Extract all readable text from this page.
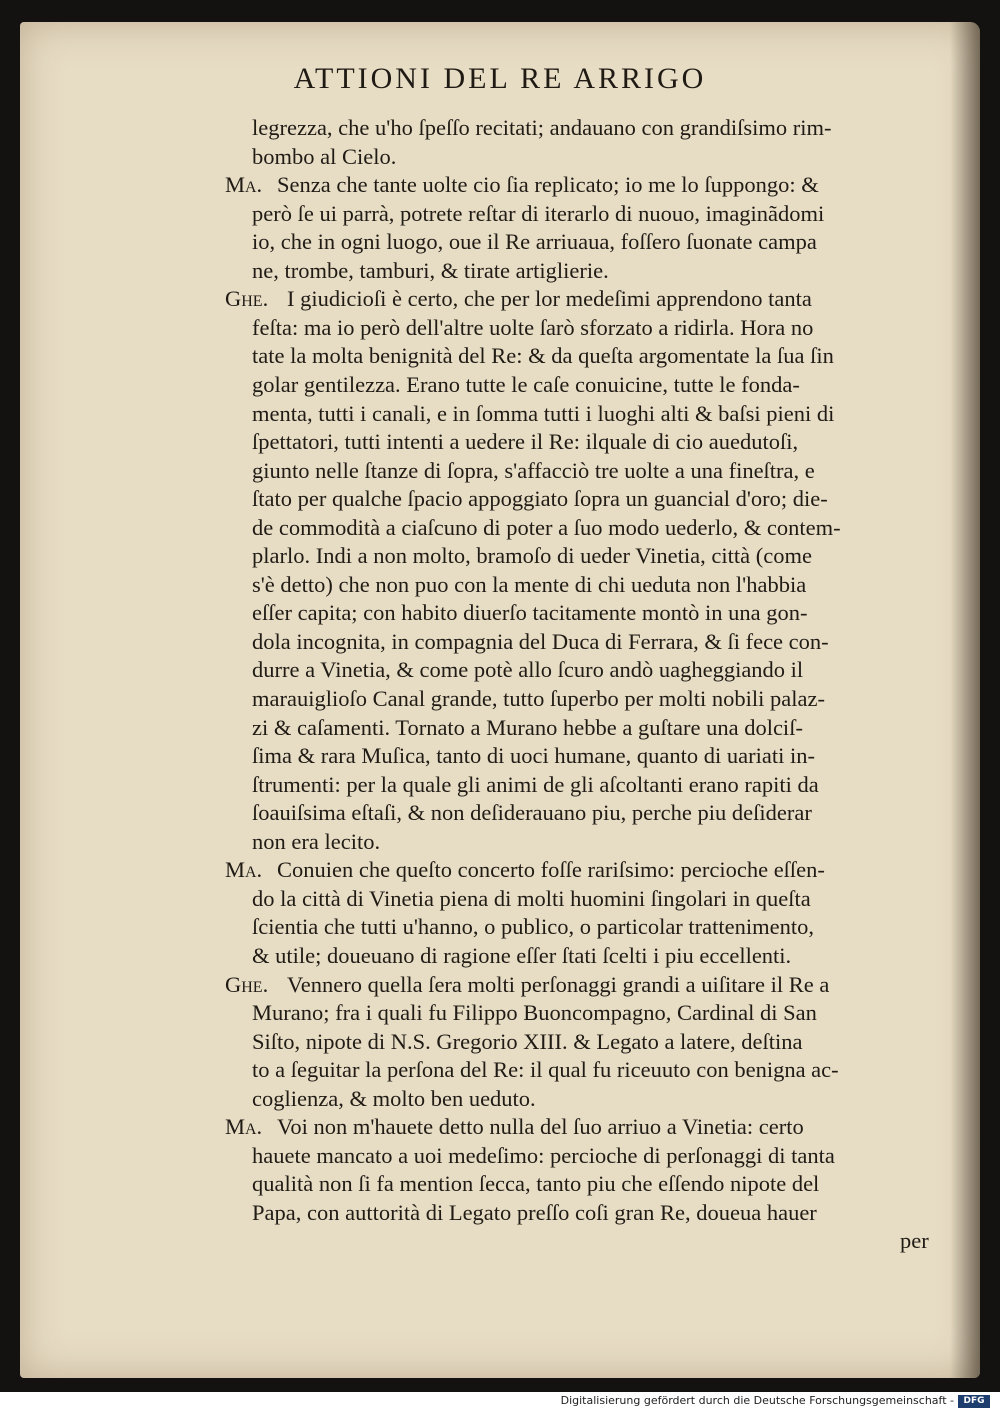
ATTIONI DEL RE ARRIGO
legrezza, che u'ho ſpeſſo recitati; andauano con grandiſsimo rim-
bombo al Cielo.
Ma. Senza che tante uolte cio ſia replicato; io me lo ſuppongo: &
però ſe ui parrà, potrete reſtar di iterarlo di nuouo, imaginãdomi
io, che in ogni luogo, oue il Re arriuaua, foſſero ſuonate campa
ne, trombe, tamburi, & tirate artiglierie.
Ghe. I giudicioſi è certo, che per lor medeſimi apprendono tanta
feſta: ma io però dell'altre uolte ſarò sforzato a ridirla. Hora no
tate la molta benignità del Re: & da queſta argomentate la ſua ſin
golar gentilezza. Erano tutte le caſe conuicine, tutte le fonda-
menta, tutti i canali, e in ſomma tutti i luoghi alti & baſsi pieni di
ſpettatori, tutti intenti a uedere il Re: ilquale di cio auedutoſi,
giunto nelle ſtanze di ſopra, s'affacciò tre uolte a una fineſtra, e
ſtato per qualche ſpacio appoggiato ſopra un guancial d'oro; die-
de commodità a ciaſcuno di poter a ſuo modo uederlo, & contem-
plarlo. Indi a non molto, bramoſo di ueder Vinetia, città (come
s'è detto) che non puo con la mente di chi ueduta non l'habbia
eſſer capita; con habito diuerſo tacitamente montò in una gon-
dola incognita, in compagnia del Duca di Ferrara, & ſi fece con-
durre a Vinetia, & come potè allo ſcuro andò uagheggiando il
marauiglioſo Canal grande, tutto ſuperbo per molti nobili palaz-
zi & caſamenti. Tornato a Murano hebbe a guſtare una dolciſ-
ſima & rara Muſica, tanto di uoci humane, quanto di uariati in-
ſtrumenti: per la quale gli animi de gli aſcoltanti erano rapiti da
ſoauiſsima eſtaſi, & non deſiderauano piu, perche piu deſiderar
non era lecito.
Ma. Conuien che queſto concerto foſſe rariſsimo: percioche eſſen-
do la città di Vinetia piena di molti huomini ſingolari in queſta
ſcientia che tutti u'hanno, o publico, o particolar trattenimento,
& utile; doueuano di ragione eſſer ſtati ſcelti i piu eccellenti.
Ghe. Vennero quella ſera molti perſonaggi grandi a uiſitare il Re a
Murano; fra i quali fu Filippo Buoncompagno, Cardinal di San
Siſto, nipote di N.S. Gregorio XIII. & Legato a latere, deſtina
to a ſeguitar la perſona del Re: il qual fu riceuuto con benigna ac-
coglienza, & molto ben ueduto.
Ma. Voi non m'hauete detto nulla del ſuo arriuo a Vinetia: certo
hauete mancato a uoi medeſimo: percioche di perſonaggi di tanta
qualità non ſi fa mention ſecca, tanto piu che eſſendo nipote del
Papa, con auttorità di Legato preſſo coſi gran Re, doueua hauer
per
Digitalisierung gefördert durch die Deutsche Forschungsgemeinschaft -	DFG
